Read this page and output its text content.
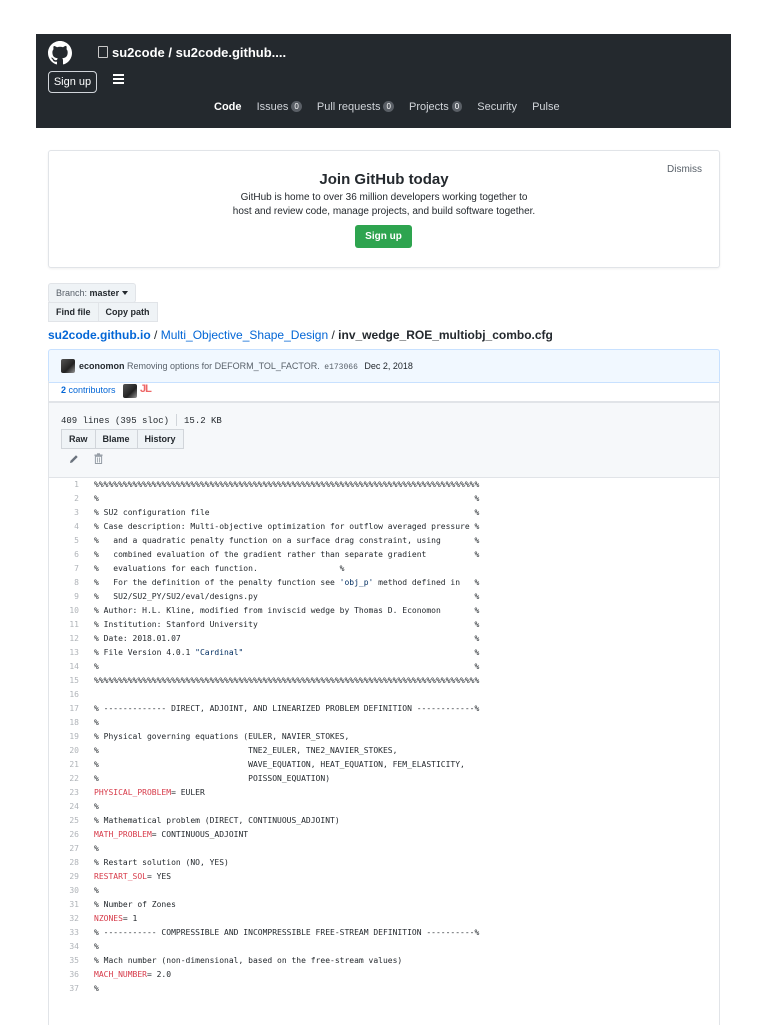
su2code / su2code.github....
Sign up
Code Issues 0 Pull requests 0 Projects 0 Security Pulse
Dismiss
Join GitHub today
GitHub is home to over 36 million developers working together to
host and review code, manage projects, and build software together.
Sign up
Branch: master
Find file Copy path
su2code.github.io / Multi_Objective_Shape_Design / inv_wedge_ROE_multiobj_combo.cfg
economon Removing options for DEFORM_TOL_FACTOR. e173066 Dec 2, 2018
2 contributors JL
409 lines (395 sloc) 15.2 KB
Raw Blame History
1 %%%%%%%%%%%%%%%%%%%%%%%%%%%%%%%%%%%%%%%%%%%%%%%%%%%%%%%%%%%%%%%%%%%%%%%%%%%%%%%%
2 %                                                                              %
3 % SU2 configuration file                                                       %
4 % Case description: Multi-objective optimization for outflow averaged pressure %
5 %   and a quadratic penalty function on a surface drag constraint, using       %
6 %   combined evaluation of the gradient rather than separate gradient          %
7 %   evaluations for each function.                 %
8 %   For the definition of the penalty function see 'obj_p' method defined in   %
9 %   SU2/SU2_PY/SU2/eval/designs.py                                             %
10 % Author: H.L. Kline, modified from inviscid wedge by Thomas D. Economon       %
11 % Institution: Stanford University                                             %
12 % Date: 2018.01.07                                                             %
13 % File Version 4.0.1 "Cardinal"                                                %
14 %                                                                              %
15 %%%%%%%%%%%%%%%%%%%%%%%%%%%%%%%%%%%%%%%%%%%%%%%%%%%%%%%%%%%%%%%%%%%%%%%%%%%%%%%%
16
17 % ------------- DIRECT, ADJOINT, AND LINEARIZED PROBLEM DEFINITION ------------%
18 %
19 % Physical governing equations (EULER, NAVIER_STOKES,
20 %                               TNE2_EULER, TNE2_NAVIER_STOKES,
21 %                               WAVE_EQUATION, HEAT_EQUATION, FEM_ELASTICITY,
22 %                               POISSON_EQUATION)
23 PHYSICAL_PROBLEM= EULER
24 %
25 % Mathematical problem (DIRECT, CONTINUOUS_ADJOINT)
26 MATH_PROBLEM= CONTINUOUS_ADJOINT
27 %
28 % Restart solution (NO, YES)
29 RESTART_SOL= YES
30 %
31 % Number of Zones
32 NZONES= 1
33 % ----------- COMPRESSIBLE AND INCOMPRESSIBLE FREE-STREAM DEFINITION ----------%
34 %
35 % Mach number (non-dimensional, based on the free-stream values)
36 MACH_NUMBER= 2.0
37 %
